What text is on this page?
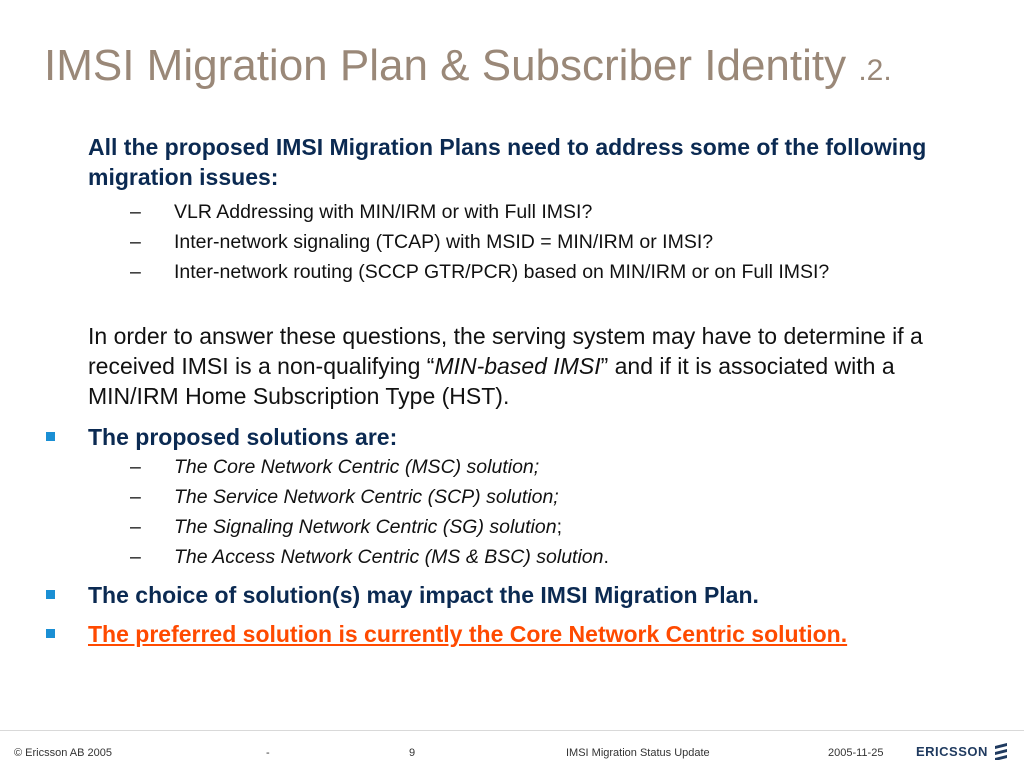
IMSI Migration Plan & Subscriber Identity .2.
All the proposed IMSI Migration Plans need to address some of the following migration issues:
– VLR Addressing with MIN/IRM or with Full IMSI?
– Inter-network signaling (TCAP) with MSID = MIN/IRM or IMSI?
– Inter-network routing (SCCP GTR/PCR) based on MIN/IRM or on Full IMSI?
In order to answer these questions, the serving system may have to determine if a received IMSI is a non-qualifying “MIN-based IMSI” and if it is associated with a MIN/IRM Home Subscription Type (HST).
The proposed solutions are:
– The Core Network Centric (MSC) solution;
– The Service Network Centric (SCP) solution;
– The Signaling Network Centric (SG) solution;
– The Access Network Centric (MS & BSC) solution.
The choice of solution(s) may impact the IMSI Migration Plan.
The preferred solution is currently the Core Network Centric solution.
© Ericsson AB 2005	-	9	IMSI Migration Status Update	2005-11-25	ERICSSON
